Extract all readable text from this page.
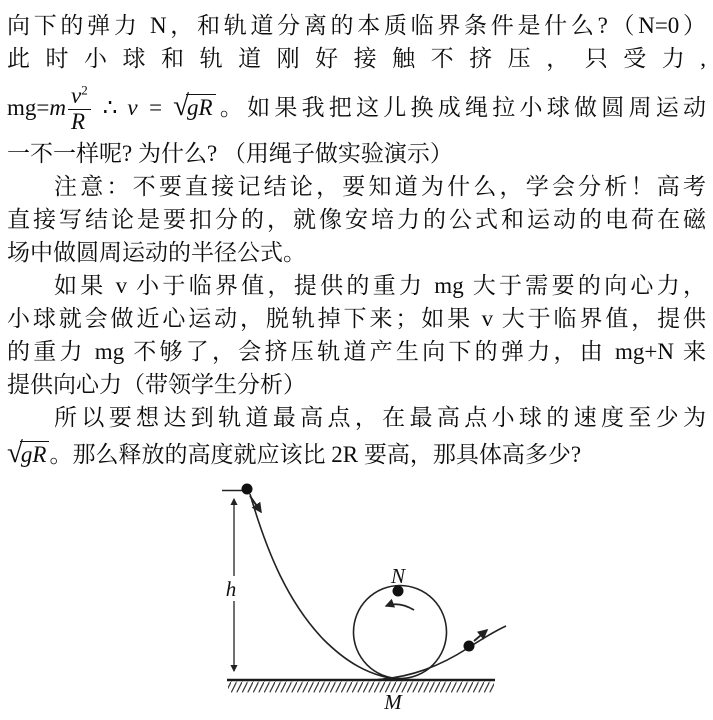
向下的弹力 N，和轨道分离的本质临界条件是什么?（N=0）
此时小球和轨道刚好接触不挤压，只受力,
$mg=m \frac{v^2}{R}$ ∴ v = √gR 。如果我把这儿换成绳拉小球做圆周运动
一不一样呢? 为什么? （用绳子做实验演示）
注意：不要直接记结论，要知道为什么，学会分析！高考
直接写结论是要扣分的，就像安培力的公式和运动的电荷在磁
场中做圆周运动的半径公式。
如果 v 小于临界值，提供的重力 mg 大于需要的向心力，
小球就会做近心运动，脱轨掉下来；如果 v 大于临界值，提供
的重力 mg 不够了，会挤压轨道产生向下的弹力，由 mg+N 来
提供向心力（带领学生分析）
所以要想达到轨道最高点，在最高点小球的速度至少为
√gR 。那么释放的高度就应该比 2R 要高，那具体高多少?
h
N
M
